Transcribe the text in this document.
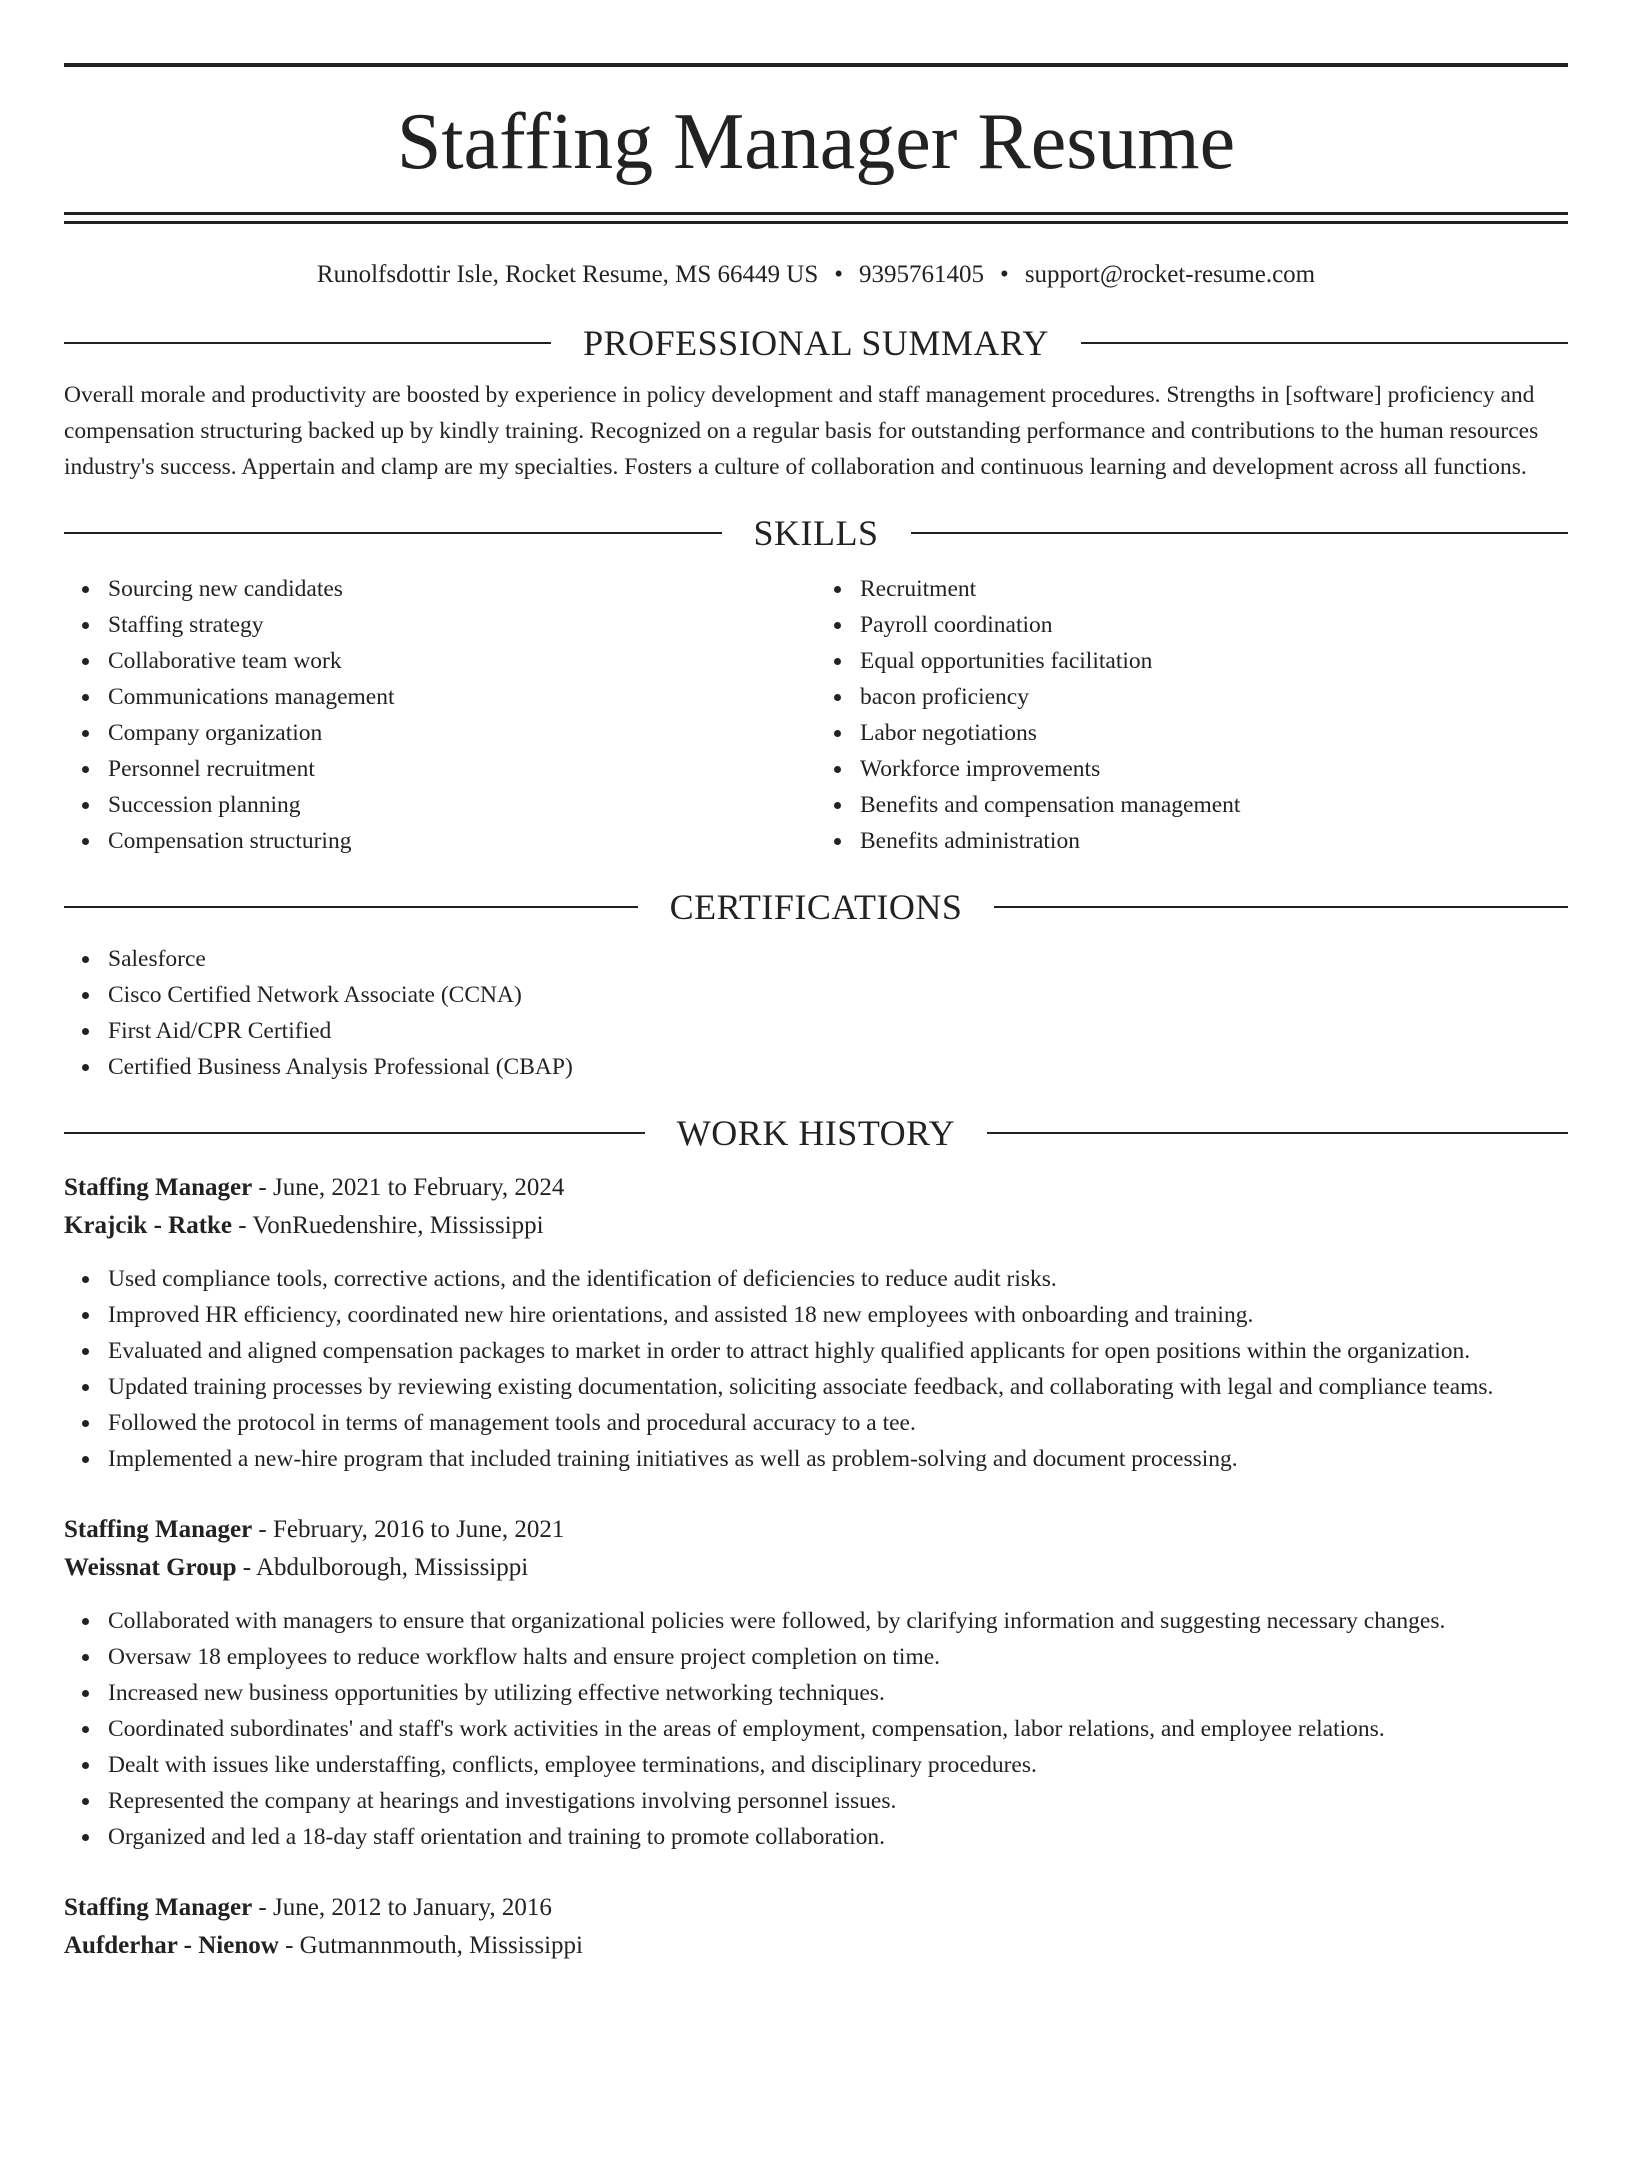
Staffing Manager Resume
Runolfsdottir Isle, Rocket Resume, MS 66449 US • 9395761405 • support@rocket-resume.com
PROFESSIONAL SUMMARY

Overall morale and productivity are boosted by experience in policy development and staff management procedures. Strengths in [software] proficiency and compensation structuring backed up by kindly training. Recognized on a regular basis for outstanding performance and contributions to the human resources industry's success. Appertain and clamp are my specialties. Fosters a culture of collaboration and continuous learning and development across all functions.

SKILLS
Sourcing new candidates
Staffing strategy
Collaborative team work
Communications management
Company organization
Personnel recruitment
Succession planning
Compensation structuring
Recruitment
Payroll coordination
Equal opportunities facilitation
bacon proficiency
Labor negotiations
Workforce improvements
Benefits and compensation management
Benefits administration
CERTIFICATIONS
Salesforce
Cisco Certified Network Associate (CCNA)
First Aid/CPR Certified
Certified Business Analysis Professional (CBAP)
WORK HISTORY
Staffing Manager - June, 2021 to February, 2024
Krajcik - Ratke - VonRuedenshire, Mississippi
Used compliance tools, corrective actions, and the identification of deficiencies to reduce audit risks.
Improved HR efficiency, coordinated new hire orientations, and assisted 18 new employees with onboarding and training.
Evaluated and aligned compensation packages to market in order to attract highly qualified applicants for open positions within the organization.
Updated training processes by reviewing existing documentation, soliciting associate feedback, and collaborating with legal and compliance teams.
Followed the protocol in terms of management tools and procedural accuracy to a tee.
Implemented a new-hire program that included training initiatives as well as problem-solving and document processing.
Staffing Manager - February, 2016 to June, 2021
Weissnat Group - Abdulborough, Mississippi
Collaborated with managers to ensure that organizational policies were followed, by clarifying information and suggesting necessary changes.
Oversaw 18 employees to reduce workflow halts and ensure project completion on time.
Increased new business opportunities by utilizing effective networking techniques.
Coordinated subordinates' and staff's work activities in the areas of employment, compensation, labor relations, and employee relations.
Dealt with issues like understaffing, conflicts, employee terminations, and disciplinary procedures.
Represented the company at hearings and investigations involving personnel issues.
Organized and led a 18-day staff orientation and training to promote collaboration.
Staffing Manager - June, 2012 to January, 2016
Aufderhar - Nienow - Gutmannmouth, Mississippi
